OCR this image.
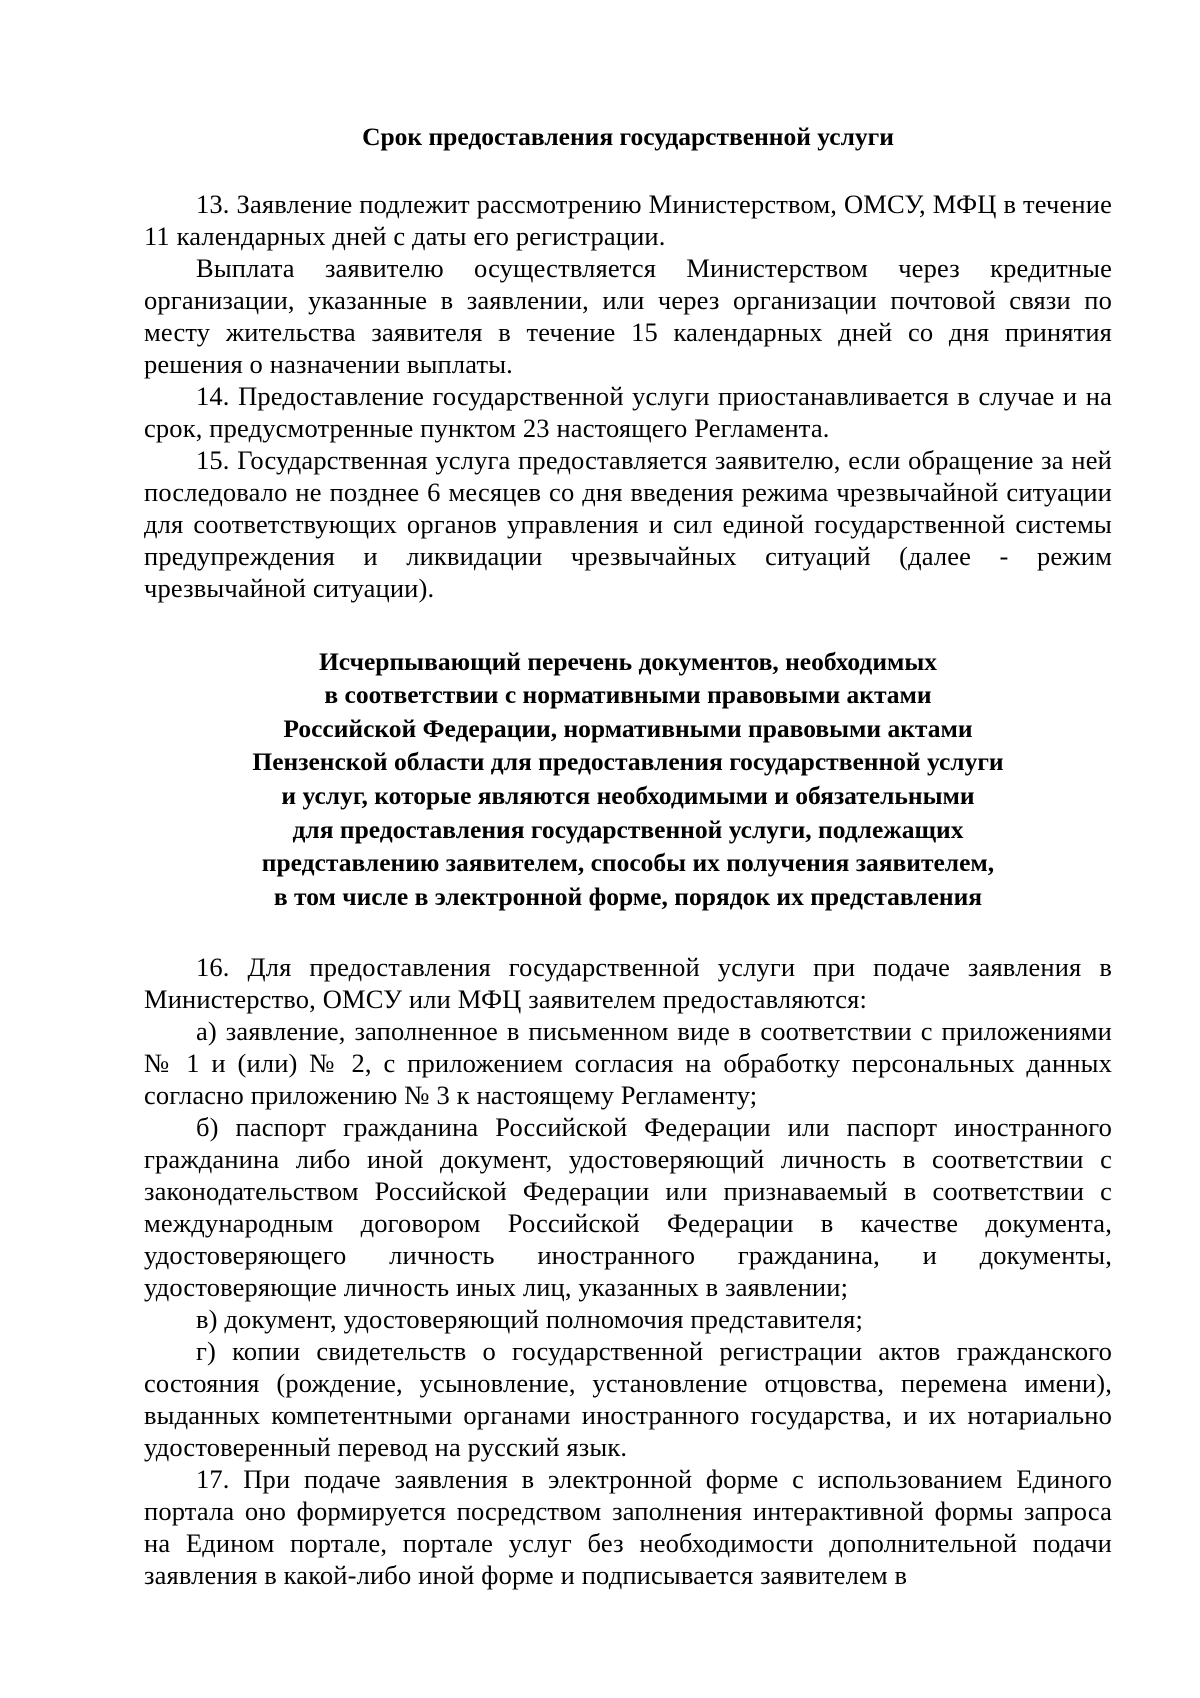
Срок предоставления государственной услуги

13. Заявление подлежит рассмотрению Министерством, ОМСУ, МФЦ в течение 11 календарных дней с даты его регистрации.

Выплата заявителю осуществляется Министерством через кредитные организации, указанные в заявлении, или через организации почтовой связи по месту жительства заявителя в течение 15 календарных дней со дня принятия решения о назначении выплаты.

14. Предоставление государственной услуги приостанавливается в случае и на срок, предусмотренные пунктом 23 настоящего Регламента.

15. Государственная услуга предоставляется заявителю, если обращение за ней последовало не позднее 6 месяцев со дня введения режима чрезвычайной ситуации для соответствующих органов управления и сил единой государственной системы предупреждения и ликвидации чрезвычайных ситуаций (далее - режим чрезвычайной ситуации).

Исчерпывающий перечень документов, необходимых
в соответствии с нормативными правовыми актами
Российской Федерации, нормативными правовыми актами
Пензенской области для предоставления государственной услуги
и услуг, которые являются необходимыми и обязательными
для предоставления государственной услуги, подлежащих
представлению заявителем, способы их получения заявителем,
в том числе в электронной форме, порядок их представления

16. Для предоставления государственной услуги при подаче заявления в Министерство, ОМСУ или МФЦ заявителем предоставляются:

а) заявление, заполненное в письменном виде в соответствии с приложениями № 1 и (или) № 2, с приложением согласия на обработку персональных данных согласно приложению № 3 к настоящему Регламенту;

б) паспорт гражданина Российской Федерации или паспорт иностранного гражданина либо иной документ, удостоверяющий личность в соответствии с законодательством Российской Федерации или признаваемый в соответствии с международным договором Российской Федерации в качестве документа, удостоверяющего личность иностранного гражданина, и документы, удостоверяющие личность иных лиц, указанных в заявлении;

в) документ, удостоверяющий полномочия представителя;

г) копии свидетельств о государственной регистрации актов гражданского состояния (рождение, усыновление, установление отцовства, перемена имени), выданных компетентными органами иностранного государства, и их нотариально удостоверенный перевод на русский язык.

17. При подаче заявления в электронной форме с использованием Единого портала оно формируется посредством заполнения интерактивной формы запроса на Едином портале, портале услуг без необходимости дополнительной подачи заявления в какой-либо иной форме и подписывается заявителем в
